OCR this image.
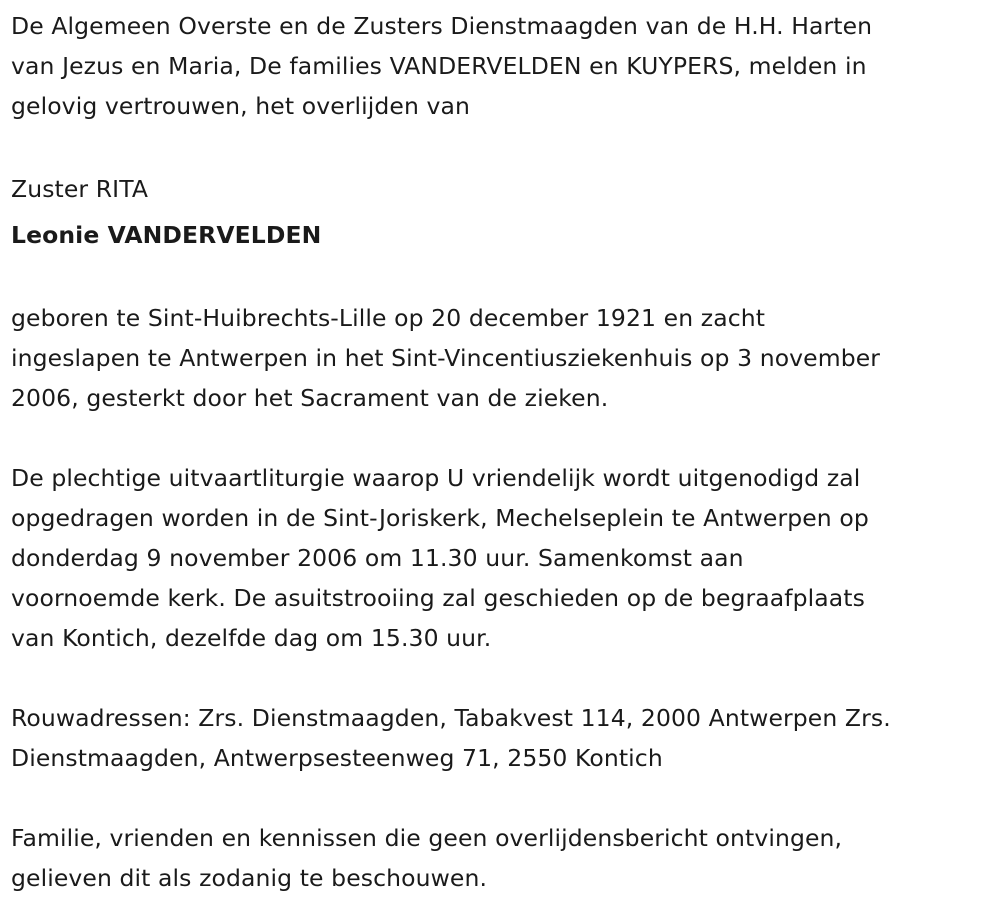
De Algemeen Overste en de Zusters Dienstmaagden van de H.H. Harten
van Jezus en Maria, De families VANDERVELDEN en KUYPERS, melden in
gelovig vertrouwen, het overlijden van

Zuster RITA

Leonie VANDERVELDEN

geboren te Sint-Huibrechts-Lille op 20 december 1921 en zacht
ingeslapen te Antwerpen in het Sint-Vincentiusziekenhuis op 3 november
2006, gesterkt door het Sacrament van de zieken.

De plechtige uitvaartliturgie waarop U vriendelijk wordt uitgenodigd zal
opgedragen worden in de Sint-Joriskerk, Mechelseplein te Antwerpen op
donderdag 9 november 2006 om 11.30 uur. Samenkomst aan
voornoemde kerk. De asuitstrooiing zal geschieden op de begraafplaats
van Kontich, dezelfde dag om 15.30 uur.

Rouwadressen: Zrs. Dienstmaagden, Tabakvest 114, 2000 Antwerpen Zrs.
Dienstmaagden, Antwerpsesteenweg 71, 2550 Kontich

Familie, vrienden en kennissen die geen overlijdensbericht ontvingen,
gelieven dit als zodanig te beschouwen.
